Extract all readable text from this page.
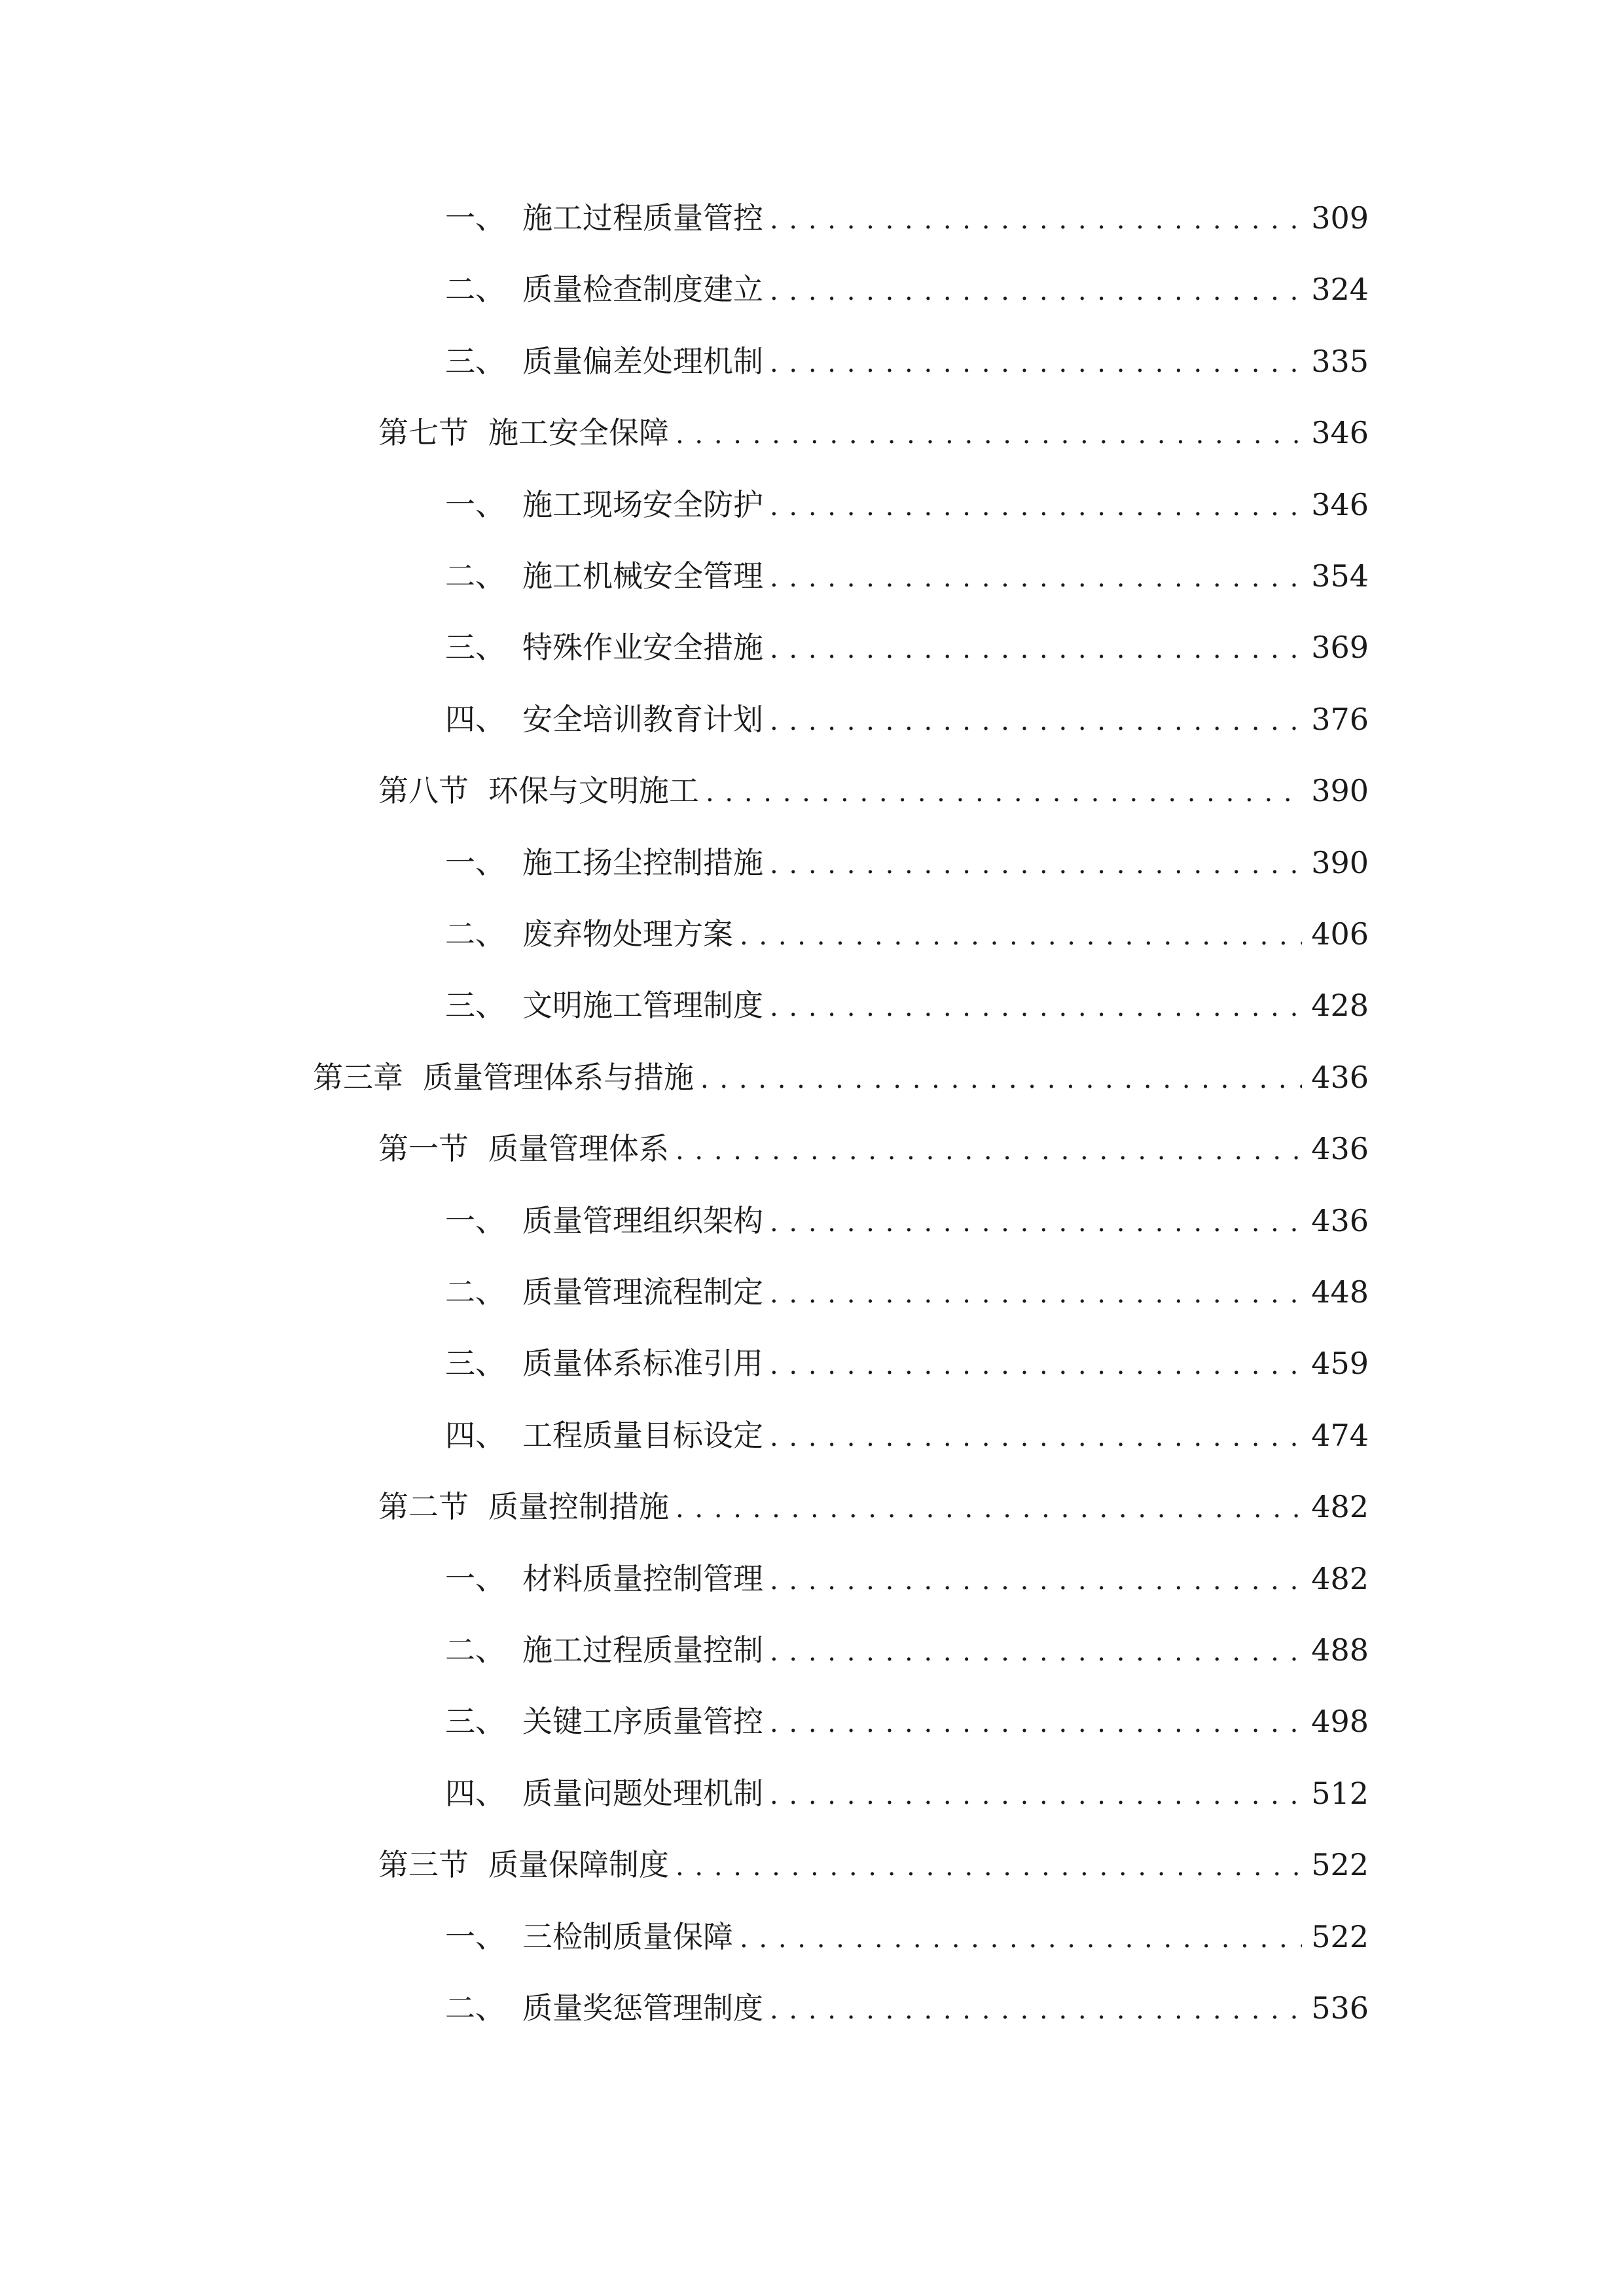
一、 施工过程质量管控 . . .	309
二、 质量检查制度建立 . . .	324
三、 质量偏差处理机制 . . .	335
第七节 施工安全保障 . . .	346
一、 施工现场安全防护 . . .	346
二、 施工机械安全管理 . . .	354
三、 特殊作业安全措施 . . .	369
四、 安全培训教育计划 . . .	376
第八节 环保与文明施工 . . .	390
一、 施工扬尘控制措施 . . .	390
二、 废弃物处理方案 . . .	406
三、 文明施工管理制度 . . .	428
第三章 质量管理体系与措施 . . .	436
第一节 质量管理体系 . . .	436
一、 质量管理组织架构 . . .	436
二、 质量管理流程制定 . . .	448
三、 质量体系标准引用 . . .	459
四、 工程质量目标设定 . . .	474
第二节 质量控制措施 . . .	482
一、 材料质量控制管理 . . .	482
二、 施工过程质量控制 . . .	488
三、 关键工序质量管控 . . .	498
四、 质量问题处理机制 . . .	512
第三节 质量保障制度 . . .	522
一、 三检制质量保障 . . .	522
二、 质量奖惩管理制度 . . .	536
